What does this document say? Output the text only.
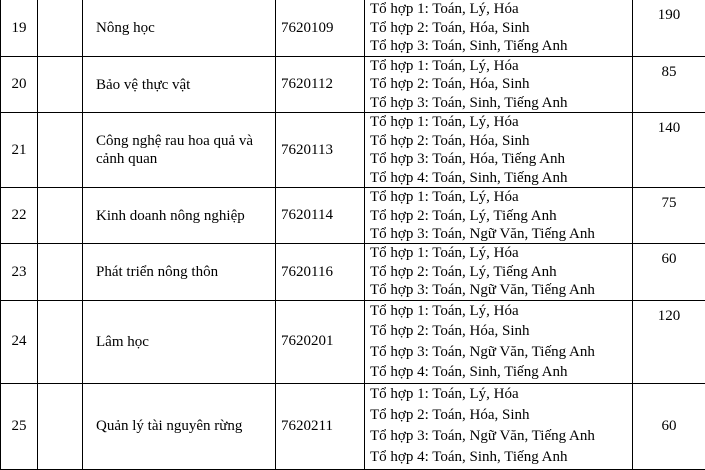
19		Nông học	7620109	Tổ hợp 1: Toán, Lý, Hóa
Tổ hợp 2: Toán, Hóa, Sinh
Tổ hợp 3: Toán, Sinh, Tiếng Anh	190
20		Bảo vệ thực vật	7620112	Tổ hợp 1: Toán, Lý, Hóa
Tổ hợp 2: Toán, Hóa, Sinh
Tổ hợp 3: Toán, Sinh, Tiếng Anh	85
21		Công nghệ rau hoa quả và cảnh quan	7620113	Tổ hợp 1: Toán, Lý, Hóa
Tổ hợp 2: Toán, Hóa, Sinh
Tổ hợp 3: Toán, Hóa, Tiếng Anh
Tổ hợp 4: Toán, Sinh, Tiếng Anh	140
22		Kinh doanh nông nghiệp	7620114	Tổ hợp 1: Toán, Lý, Hóa
Tổ hợp 2: Toán, Lý, Tiếng Anh
Tổ hợp 3: Toán, Ngữ Văn, Tiếng Anh	75
23		Phát triển nông thôn	7620116	Tổ hợp 1: Toán, Lý, Hóa
Tổ hợp 2: Toán, Lý, Tiếng Anh
Tổ hợp 3: Toán, Ngữ Văn, Tiếng Anh	60
24		Lâm học	7620201	Tổ hợp 1: Toán, Lý, Hóa
Tổ hợp 2: Toán, Hóa, Sinh
Tổ hợp 3: Toán, Ngữ Văn, Tiếng Anh
Tổ hợp 4: Toán, Sinh, Tiếng Anh	120
25		Quản lý tài nguyên rừng	7620211	Tổ hợp 1: Toán, Lý, Hóa
Tổ hợp 2: Toán, Hóa, Sinh
Tổ hợp 3: Toán, Ngữ Văn, Tiếng Anh
Tổ hợp 4: Toán, Sinh, Tiếng Anh	60
